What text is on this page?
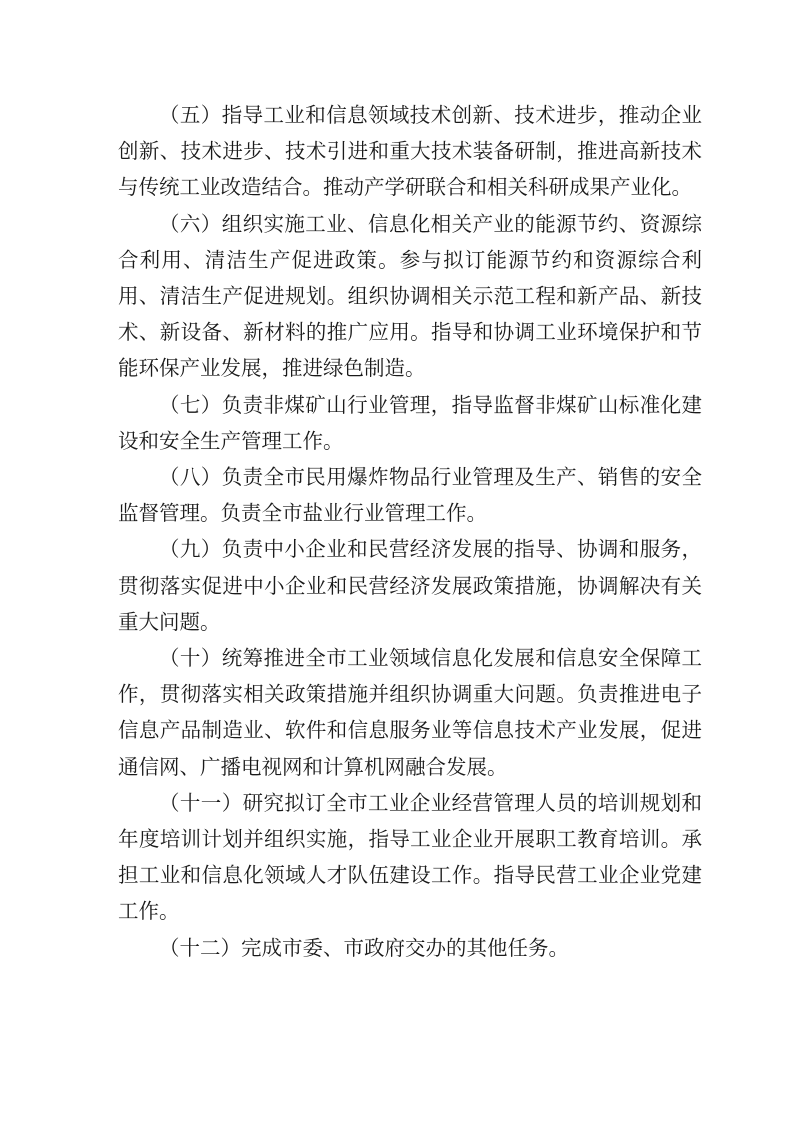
（五）指导工业和信息领域技术创新、技术进步，推动企业创新、技术进步、技术引进和重大技术装备研制，推进高新技术与传统工业改造结合。推动产学研联合和相关科研成果产业化。

（六）组织实施工业、信息化相关产业的能源节约、资源综合利用、清洁生产促进政策。参与拟订能源节约和资源综合利用、清洁生产促进规划。组织协调相关示范工程和新产品、新技术、新设备、新材料的推广应用。指导和协调工业环境保护和节能环保产业发展，推进绿色制造。

（七）负责非煤矿山行业管理，指导监督非煤矿山标准化建设和安全生产管理工作。

（八）负责全市民用爆炸物品行业管理及生产、销售的安全监督管理。负责全市盐业行业管理工作。

（九）负责中小企业和民营经济发展的指导、协调和服务，贯彻落实促进中小企业和民营经济发展政策措施，协调解决有关重大问题。

（十）统筹推进全市工业领域信息化发展和信息安全保障工作，贯彻落实相关政策措施并组织协调重大问题。负责推进电子信息产品制造业、软件和信息服务业等信息技术产业发展，促进通信网、广播电视网和计算机网融合发展。

（十一）研究拟订全市工业企业经营管理人员的培训规划和年度培训计划并组织实施，指导工业企业开展职工教育培训。承担工业和信息化领域人才队伍建设工作。指导民营工业企业党建工作。

（十二）完成市委、市政府交办的其他任务。
